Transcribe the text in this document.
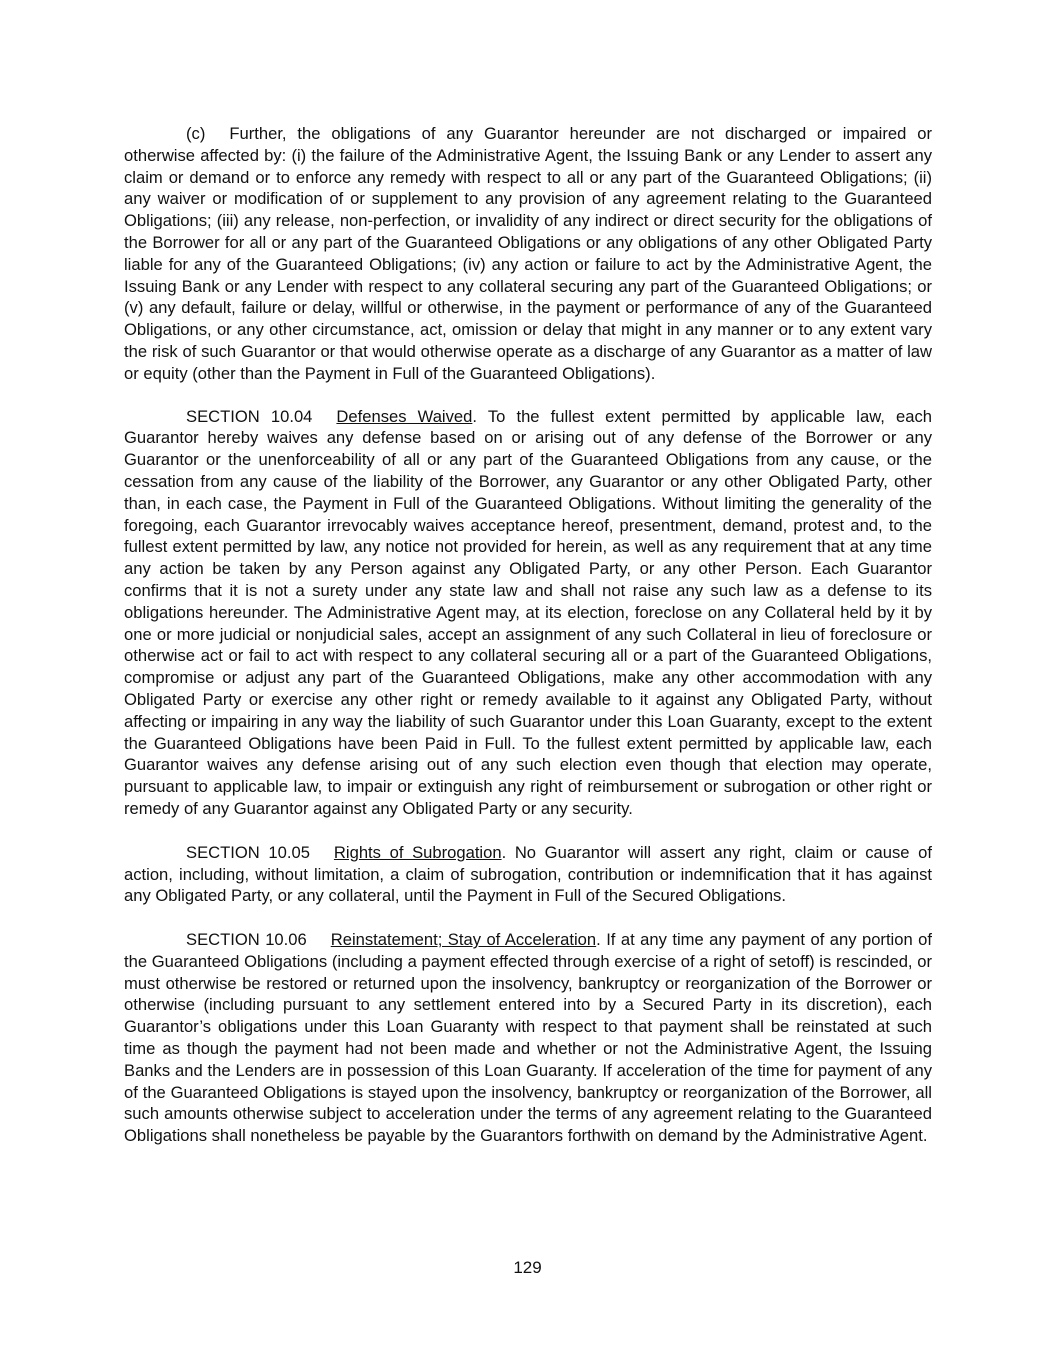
(c) Further, the obligations of any Guarantor hereunder are not discharged or impaired or otherwise affected by: (i) the failure of the Administrative Agent, the Issuing Bank or any Lender to assert any claim or demand or to enforce any remedy with respect to all or any part of the Guaranteed Obligations; (ii) any waiver or modification of or supplement to any provision of any agreement relating to the Guaranteed Obligations; (iii) any release, non-perfection, or invalidity of any indirect or direct security for the obligations of the Borrower for all or any part of the Guaranteed Obligations or any obligations of any other Obligated Party liable for any of the Guaranteed Obligations; (iv) any action or failure to act by the Administrative Agent, the Issuing Bank or any Lender with respect to any collateral securing any part of the Guaranteed Obligations; or (v) any default, failure or delay, willful or otherwise, in the payment or performance of any of the Guaranteed Obligations, or any other circumstance, act, omission or delay that might in any manner or to any extent vary the risk of such Guarantor or that would otherwise operate as a discharge of any Guarantor as a matter of law or equity (other than the Payment in Full of the Guaranteed Obligations).

SECTION 10.04 Defenses Waived. To the fullest extent permitted by applicable law, each Guarantor hereby waives any defense based on or arising out of any defense of the Borrower or any Guarantor or the unenforceability of all or any part of the Guaranteed Obligations from any cause, or the cessation from any cause of the liability of the Borrower, any Guarantor or any other Obligated Party, other than, in each case, the Payment in Full of the Guaranteed Obligations. Without limiting the generality of the foregoing, each Guarantor irrevocably waives acceptance hereof, presentment, demand, protest and, to the fullest extent permitted by law, any notice not provided for herein, as well as any requirement that at any time any action be taken by any Person against any Obligated Party, or any other Person. Each Guarantor confirms that it is not a surety under any state law and shall not raise any such law as a defense to its obligations hereunder. The Administrative Agent may, at its election, foreclose on any Collateral held by it by one or more judicial or nonjudicial sales, accept an assignment of any such Collateral in lieu of foreclosure or otherwise act or fail to act with respect to any collateral securing all or a part of the Guaranteed Obligations, compromise or adjust any part of the Guaranteed Obligations, make any other accommodation with any Obligated Party or exercise any other right or remedy available to it against any Obligated Party, without affecting or impairing in any way the liability of such Guarantor under this Loan Guaranty, except to the extent the Guaranteed Obligations have been Paid in Full. To the fullest extent permitted by applicable law, each Guarantor waives any defense arising out of any such election even though that election may operate, pursuant to applicable law, to impair or extinguish any right of reimbursement or subrogation or other right or remedy of any Guarantor against any Obligated Party or any security.

SECTION 10.05 Rights of Subrogation. No Guarantor will assert any right, claim or cause of action, including, without limitation, a claim of subrogation, contribution or indemnification that it has against any Obligated Party, or any collateral, until the Payment in Full of the Secured Obligations.

SECTION 10.06 Reinstatement; Stay of Acceleration. If at any time any payment of any portion of the Guaranteed Obligations (including a payment effected through exercise of a right of setoff) is rescinded, or must otherwise be restored or returned upon the insolvency, bankruptcy or reorganization of the Borrower or otherwise (including pursuant to any settlement entered into by a Secured Party in its discretion), each Guarantor’s obligations under this Loan Guaranty with respect to that payment shall be reinstated at such time as though the payment had not been made and whether or not the Administrative Agent, the Issuing Banks and the Lenders are in possession of this Loan Guaranty. If acceleration of the time for payment of any of the Guaranteed Obligations is stayed upon the insolvency, bankruptcy or reorganization of the Borrower, all such amounts otherwise subject to acceleration under the terms of any agreement relating to the Guaranteed Obligations shall nonetheless be payable by the Guarantors forthwith on demand by the Administrative Agent.

129
